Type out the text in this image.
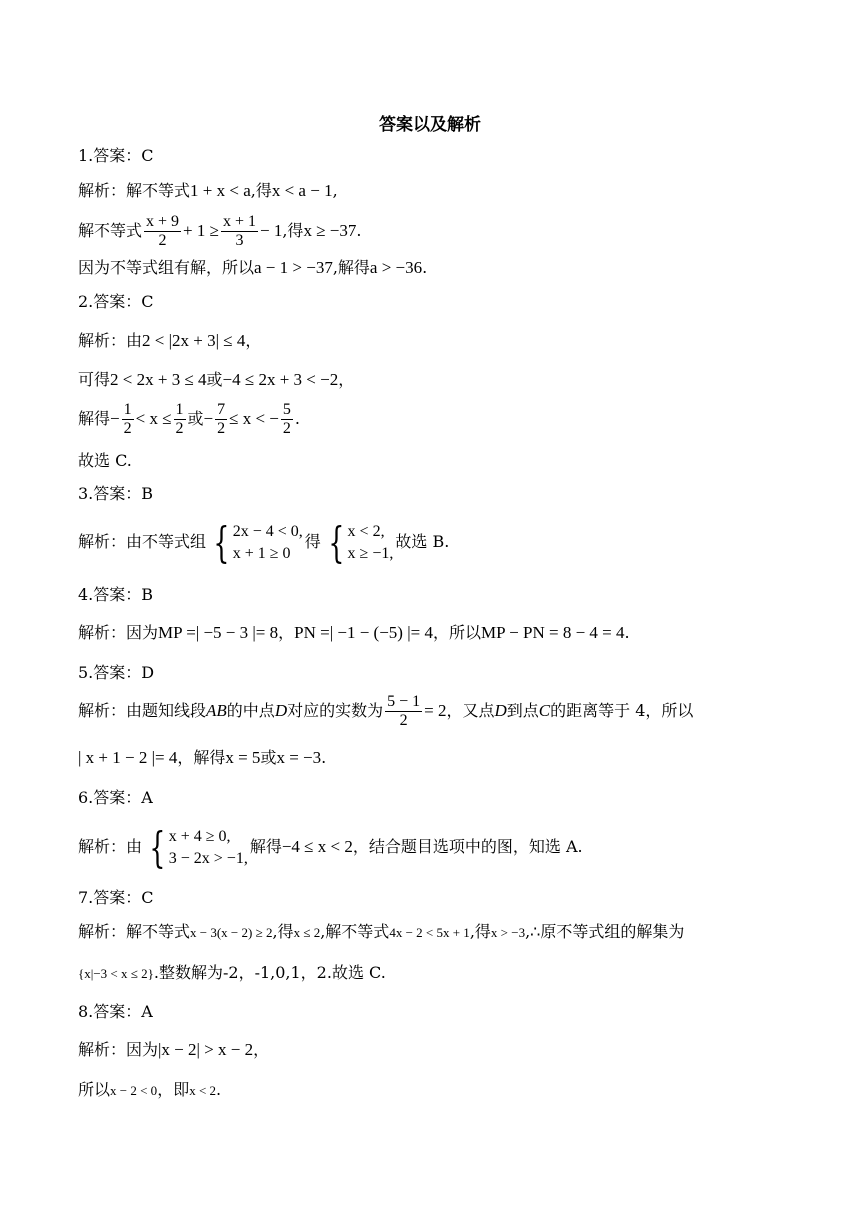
答案以及解析
1.答案：C
解析：解不等式1 + x < a,得x < a − 1,
解不等式 $\frac{x + 9}{2} + 1 \ge \frac{x + 1}{3} - 1$,得x ≥ −37.
因为不等式组有解，所以a − 1 > −37,解得a > −36.
2.答案：C
解析：由2 < |2x + 3| ≤ 4，
可得2 < 2x + 3 ≤ 4或−4 ≤ 2x + 3 < −2，
解得− $\frac{1}{2} < x \le \frac{1}{2}$ 或− $\frac{7}{2} \le x$ < − $\frac{5}{2}$ .
故选 C.
3.答案：B
解析：由不等式组 { 2x − 4 < 0,
x + 1 ≥ 0
得 { x < 2,
x ≥ −1,
故选 B.
4.答案：B
解析：因为MP =| −5 − 3 |= 8，PN =| −1 − (−5) |= 4，所以MP − PN = 8 − 4 = 4.
5.答案：D
解析：由题知线段AB的中点D对应的实数为 $\frac{5 - 1}{2} = 2$，又点D到点C的距离等于 4，所以
| x + 1 − 2 |= 4，解得x = 5或x = −3.
6.答案：A
解析：由 { x + 4 ≥ 0,
3 − 2x > −1,
解得−4 ≤ x < 2，结合题目选项中的图，知选 A.
7.答案：C
解析：解不等式x − 3(x − 2) ≥ 2,得x ≤ 2,解不等式4x − 2 < 5x + 1,得x > −3,∴原不等式组的解集为
{x|−3 < x ≤ 2}.整数解为-2，-1,0,1，2.故选 C.
8.答案：A
解析：因为|x − 2| > x − 2，
所以x − 2 < 0，即x < 2.
